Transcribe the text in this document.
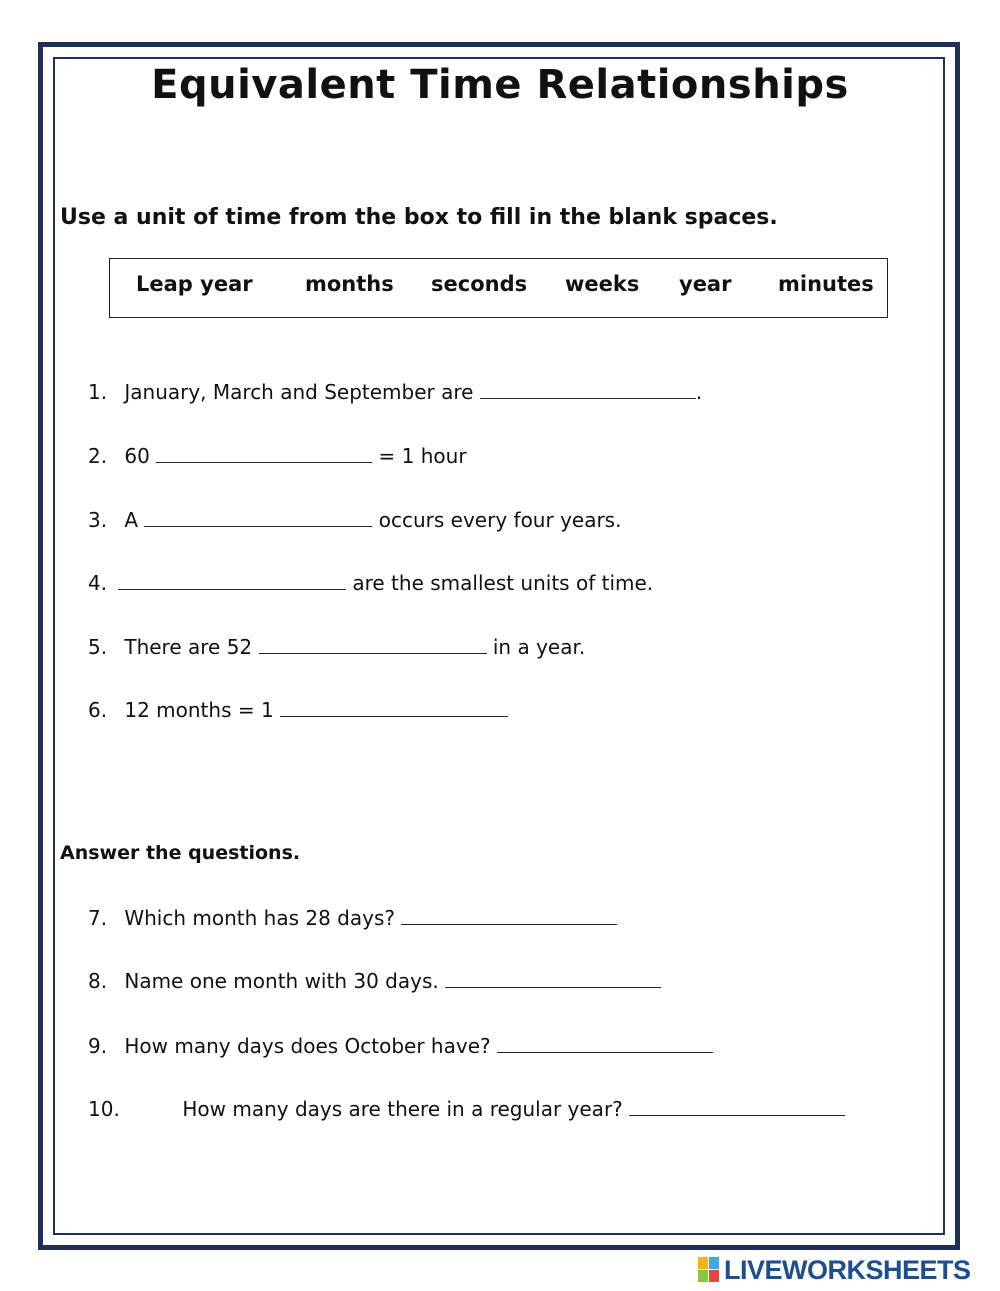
Equivalent Time Relationships
Use a unit of time from the box to fill in the blank spaces.
Leap year months seconds weeks year minutes
1. January, March and September are	.
2. 60	= 1 hour
3. A	occurs every four years.
4.	are the smallest units of time.
5. There are 52	in a year.
6. 12 months = 1
Answer the questions.
7. Which month has 28 days?
8. Name one month with 30 days.
9. How many days does October have?
10.	How many days are there in a regular year?
LIVEWORKSHEETS
